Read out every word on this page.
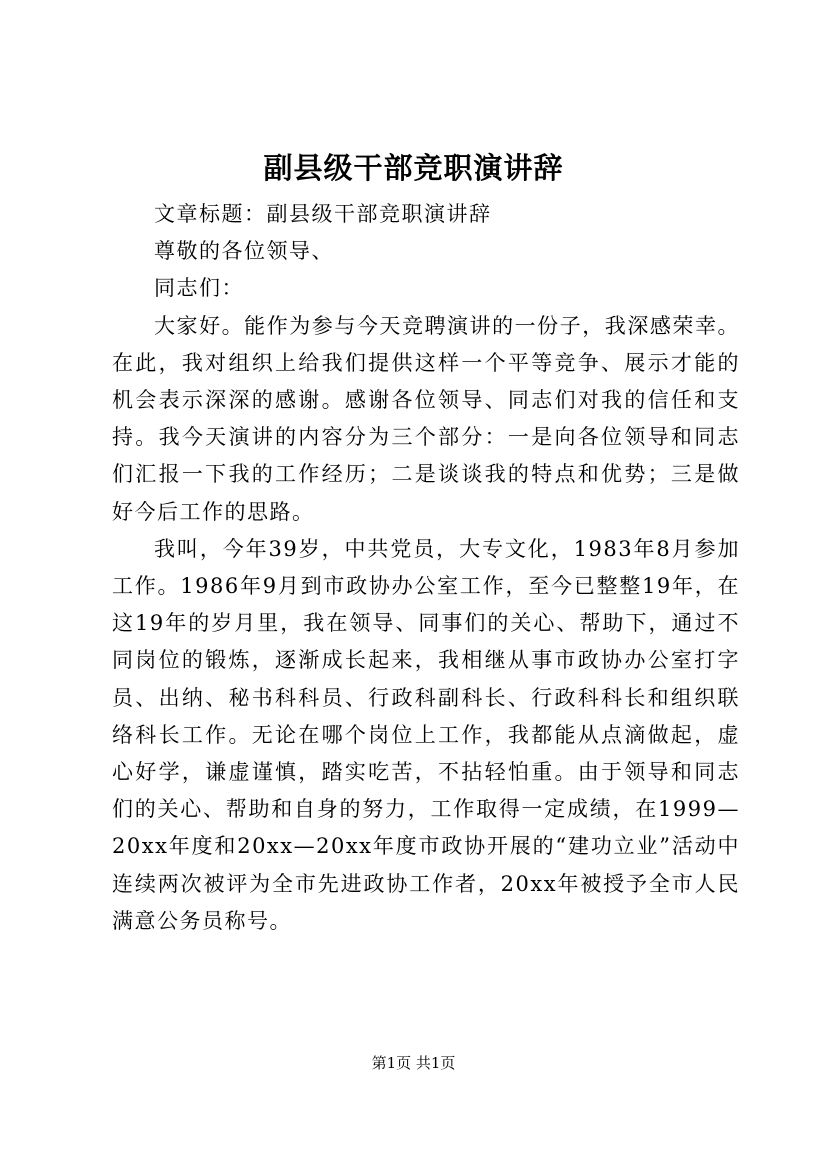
副县级干部竞职演讲辞

文章标题：副县级干部竞职演讲辞

尊敬的各位领导、

同志们：

大家好。能作为参与今天竞聘演讲的一份子，我深感荣幸。在此，我对组织上给我们提供这样一个平等竞争、展示才能的机会表示深深的感谢。感谢各位领导、同志们对我的信任和支持。我今天演讲的内容分为三个部分：一是向各位领导和同志们汇报一下我的工作经历；二是谈谈我的特点和优势；三是做好今后工作的思路。

我叫，今年39岁，中共党员，大专文化，1983年8月参加工作。1986年9月到市政协办公室工作，至今已整整19年，在这19年的岁月里，我在领导、同事们的关心、帮助下，通过不同岗位的锻炼，逐渐成长起来，我相继从事市政协办公室打字员、出纳、秘书科科员、行政科副科长、行政科科长和组织联络科长工作。无论在哪个岗位上工作，我都能从点滴做起，虚心好学，谦虚谨慎，踏实吃苦，不拈轻怕重。由于领导和同志们的关心、帮助和自身的努力，工作取得一定成绩，在1999—20xx年度和20xx—20xx年度市政协开展的“建功立业”活动中连续两次被评为全市先进政协工作者，20xx年被授予全市人民满意公务员称号。

第1页 共1页
